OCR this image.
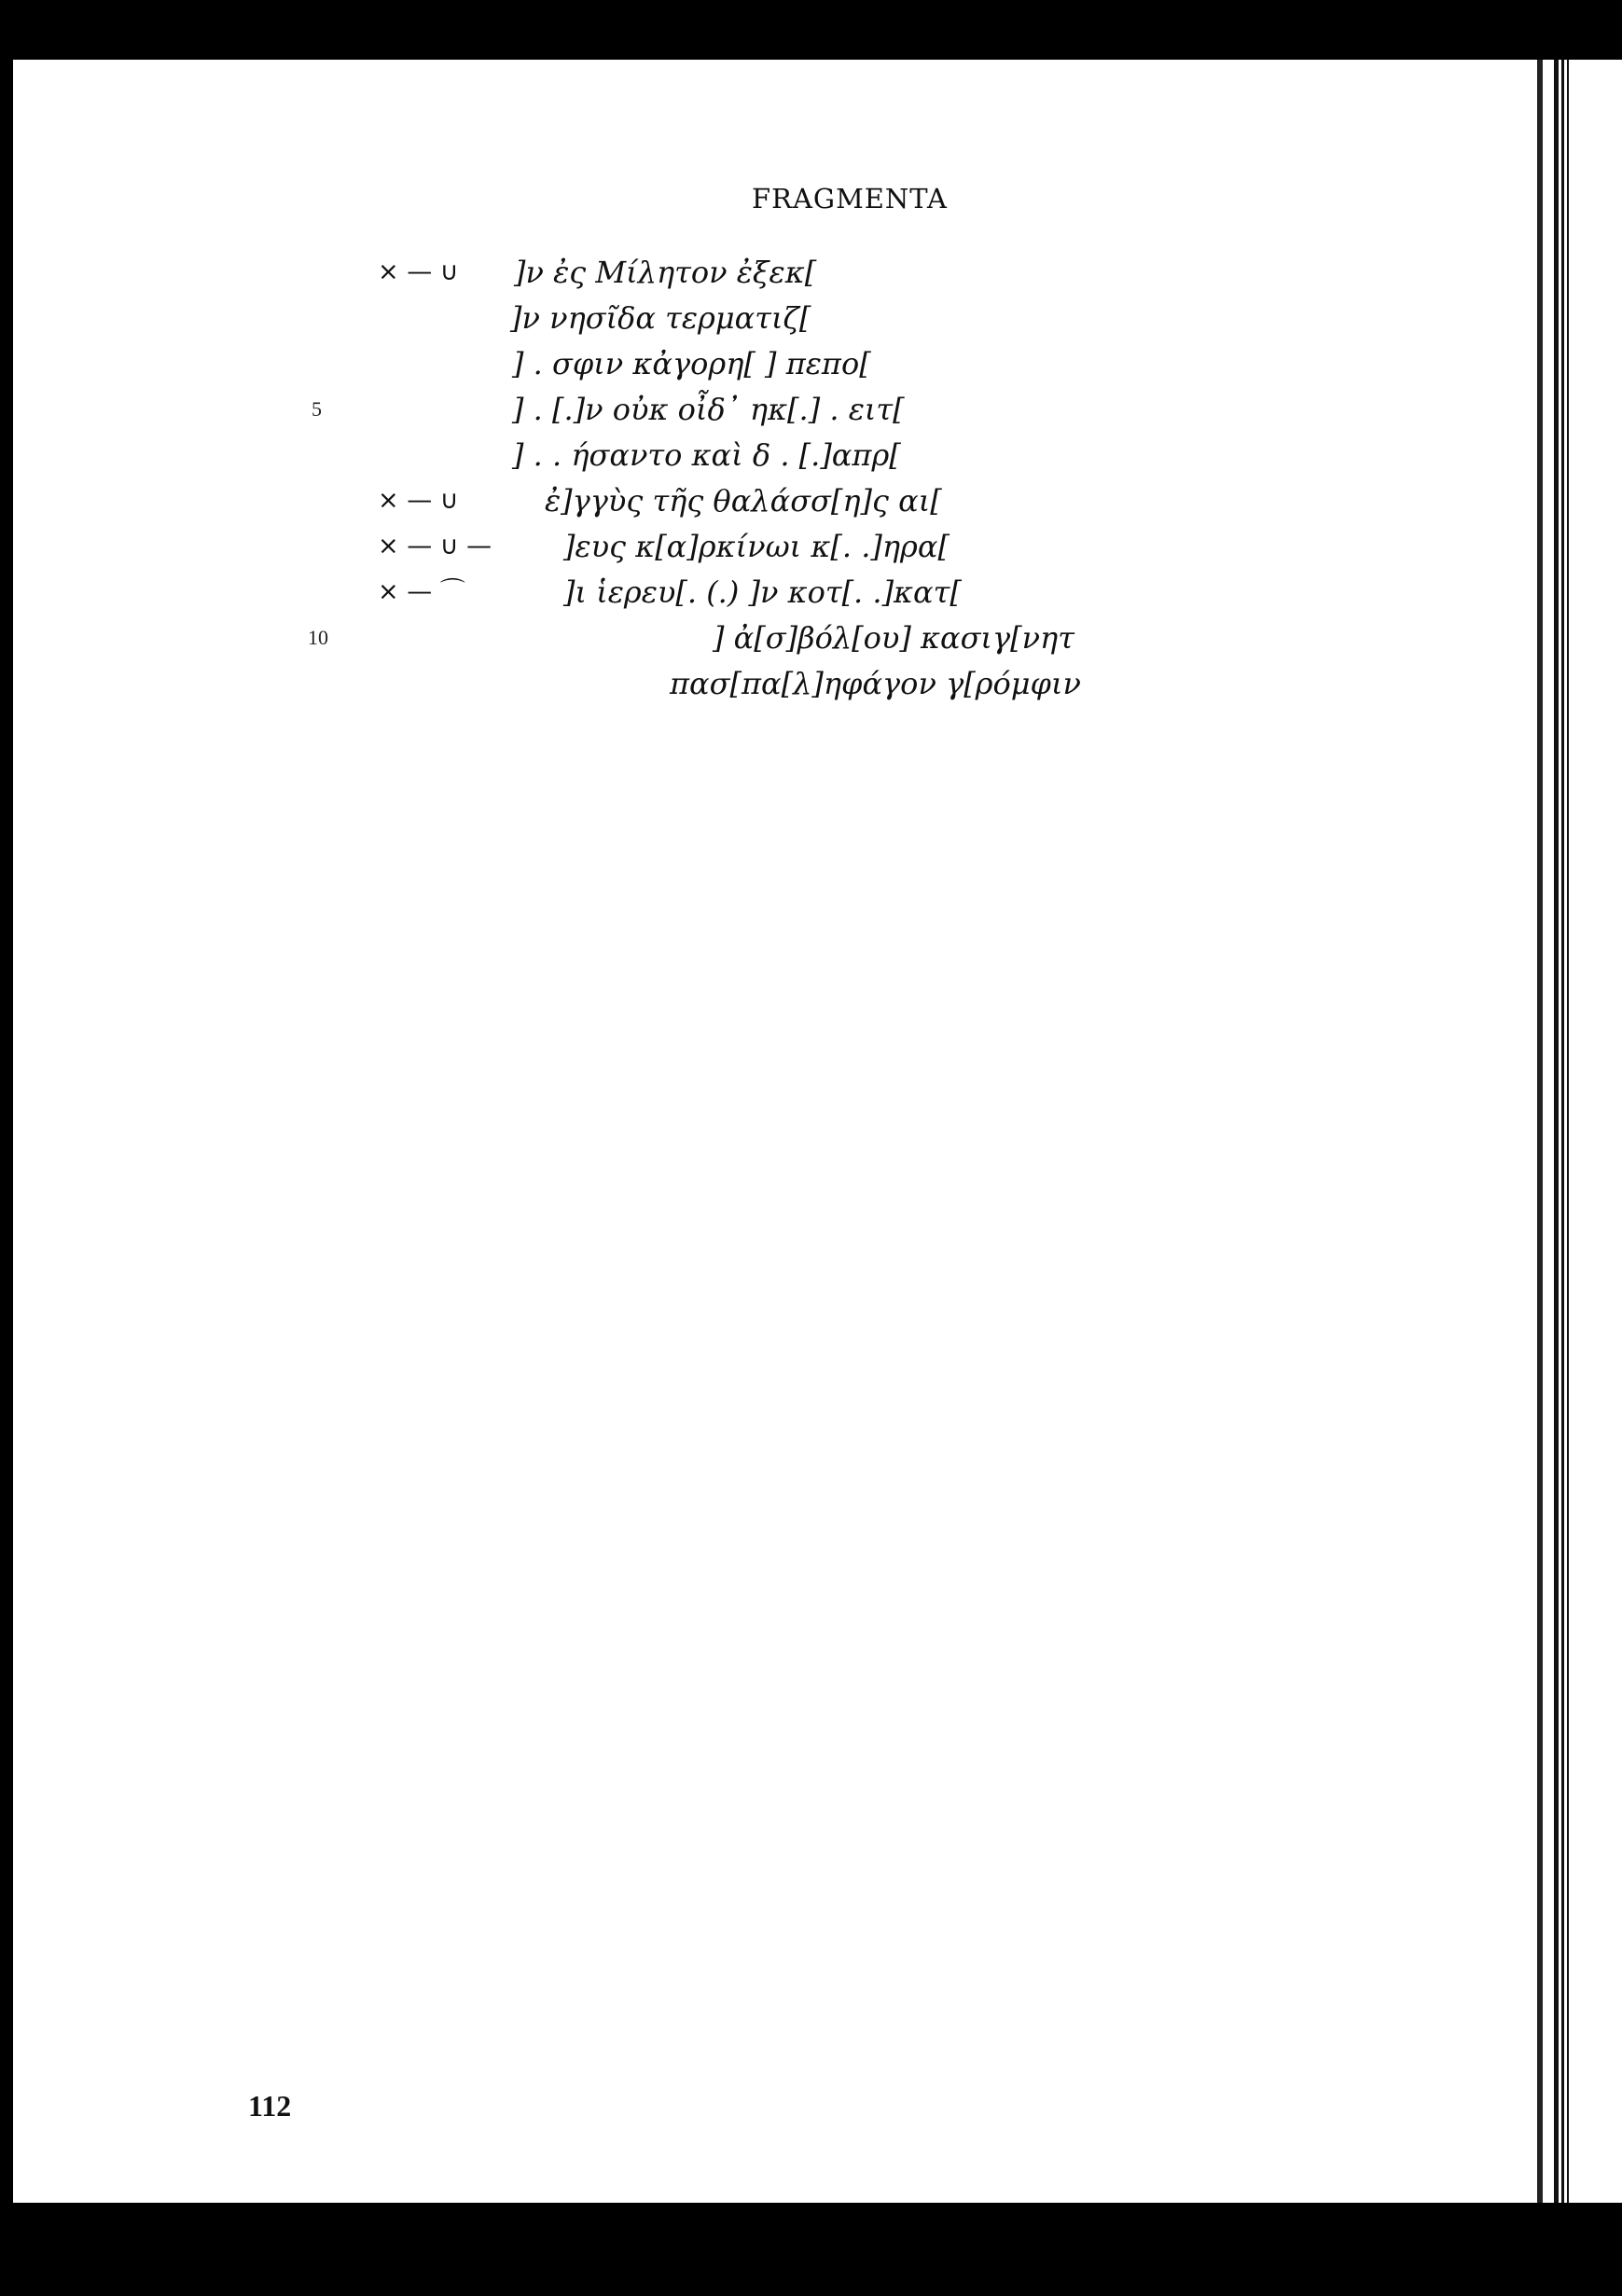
FRAGMENTA
× — ∪ ]ν ἐς Μίλητον ἐξεκ[
]ν νησῖδα τερματιζ[
] . σφιν κἀγορη[ ] πεπο[
5	] . [.]ν οὐκ οἶδ᾽ ηκ[.] . ειτ[
] . . ήσαντο καὶ δ . [.]απρ[
× — ∪	ἐ]γγὺς τῆς θαλάσσ[η]ς αι[
× — ∪ — ]ευς κ[α]ρκίνωι κ[. .]ηρα[
× — ⌒	]ι ἱερευ[. (.) ]ν κοτ[. .]κατ[
10	] ἀ[σ]βόλ[ου] κασιγ[νητ
πασ[πα[λ]ηφάγον γ[ρόμφιν
112
